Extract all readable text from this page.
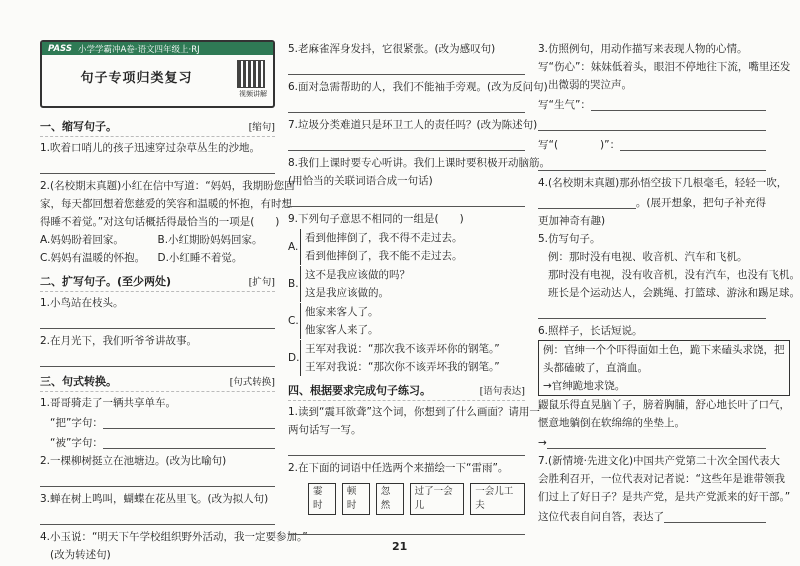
PASS 小学学霸冲A卷·语文四年级上·RJ
句子专项归类复习
视频讲解
一、缩写句子。	[缩句]

1.吹着口哨儿的孩子迅速穿过杂草丛生的沙地。

2.(名校期末真题)小红在信中写道：“妈妈，我期盼您回

家，每天都回想着您慈爱的笑容和温暖的怀抱，有时想

得睡不着觉。”对这句话概括得最恰当的一项是(　　)

A.妈妈盼着回家。	B.小红期盼妈妈回家。
C.妈妈有温暖的怀抱。	D.小红睡不着觉。
二、扩写句子。(至少两处)	[扩句]

1.小鸟站在枝头。

2.在月光下，我们听爷爷讲故事。

三、句式转换。	[句式转换]

1.哥哥骑走了一辆共享单车。

“把”字句：
“被”字句：

2.一棵柳树挺立在池塘边。(改为比喻句)

3.蝉在树上鸣叫，蝴蝶在花丛里飞。(改为拟人句)

4.小玉说：“明天下午学校组织野外活动，我一定要参加。”

(改为转述句)

5.老麻雀浑身发抖，它很紧张。(改为感叹句)

6.面对急需帮助的人，我们不能袖手旁观。(改为反问句)

7.垃圾分类难道只是环卫工人的责任吗？(改为陈述句)

8.我们上课时要专心听讲。我们上课时要积极开动脑筋。

(用恰当的关联词语合成一句话)

9.下列句子意思不相同的一组是(　　)

A.

看到他摔倒了，我不得不走过去。

看到他摔倒了，我不能不走过去。

B.

这不是我应该做的吗？

这是我应该做的。

C.

他家来客人了。

他家客人来了。

D.

王军对我说：“那次我不该弄坏你的钢笔。”

王军对我说：“那次你不该弄坏我的钢笔。”

四、根据要求完成句子练习。	[语句表达]

1.读到“震耳欲聋”这个词，你想到了什么画面？请用一

两句话写一写。

2.在下面的词语中任选两个来描绘一下“雷雨”。

霎时
顿时
忽然
过了一会儿
一会儿工夫

3.仿照例句，用动作描写来表现人物的心情。

写“伤心”：妹妹低着头，眼泪不停地往下流，嘴里还发

出微弱的哭泣声。

写“生气”：
写“(　　　　)”：

4.(名校期末真题)那孙悟空拔下几根毫毛，轻轻一吹，

。(展开想象，把句子补充得

更加神奇有趣)

5.仿写句子。

例：那时没有电视、收音机、汽车和飞机。

那时没有电视，没有收音机，没有汽车，也没有飞机。

班长是个运动达人，会跳绳、打篮球、游泳和踢足球。

6.照样子，长话短说。

例：官绅一个个吓得面如土色，跪下来磕头求饶，把

头都磕破了，直淌血。

→官绅跪地求饶。

鼹鼠乐得直晃脑丫子，膀着胸脯，舒心地长叶了口气，

惬意地躺倒在软绵绵的坐垫上。

→

7.(新情境·先进文化)中国共产党第二十次全国代表大

会胜利召开，一位代表对记者说：“这些年是谁带领我

们过上了好日子？是共产党，是共产党派来的好干部。”

这位代表自问自答，表达了
21
